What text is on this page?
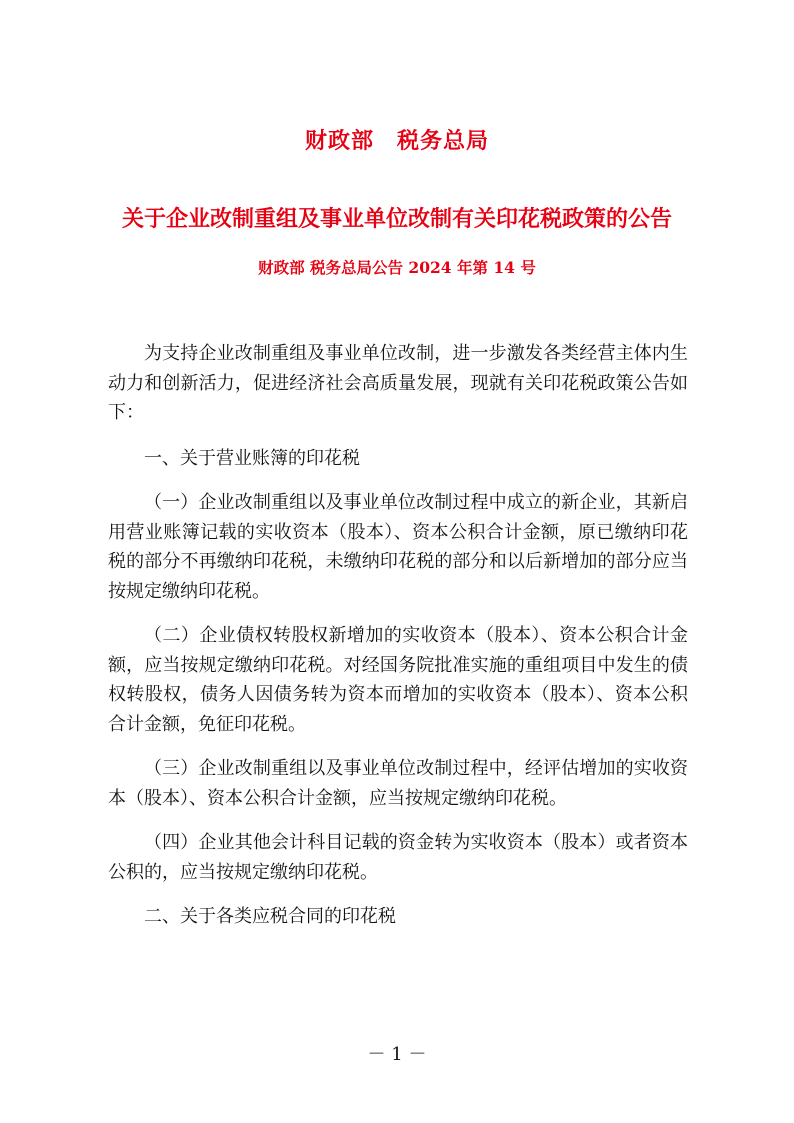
财政部　税务总局
关于企业改制重组及事业单位改制有关印花税政策的公告
财政部 税务总局公告 2024 年第 14 号

为支持企业改制重组及事业单位改制，进一步激发各类经营主体内生动力和创新活力，促进经济社会高质量发展，现就有关印花税政策公告如下：

一、关于营业账簿的印花税

（一）企业改制重组以及事业单位改制过程中成立的新企业，其新启用营业账簿记载的实收资本（股本）、资本公积合计金额，原已缴纳印花税的部分不再缴纳印花税，未缴纳印花税的部分和以后新增加的部分应当按规定缴纳印花税。

（二）企业债权转股权新增加的实收资本（股本）、资本公积合计金额，应当按规定缴纳印花税。对经国务院批准实施的重组项目中发生的债权转股权，债务人因债务转为资本而增加的实收资本（股本）、资本公积合计金额，免征印花税。

（三）企业改制重组以及事业单位改制过程中，经评估增加的实收资本（股本）、资本公积合计金额，应当按规定缴纳印花税。

（四）企业其他会计科目记载的资金转为实收资本（股本）或者资本公积的，应当按规定缴纳印花税。

二、关于各类应税合同的印花税

－ 1 －
